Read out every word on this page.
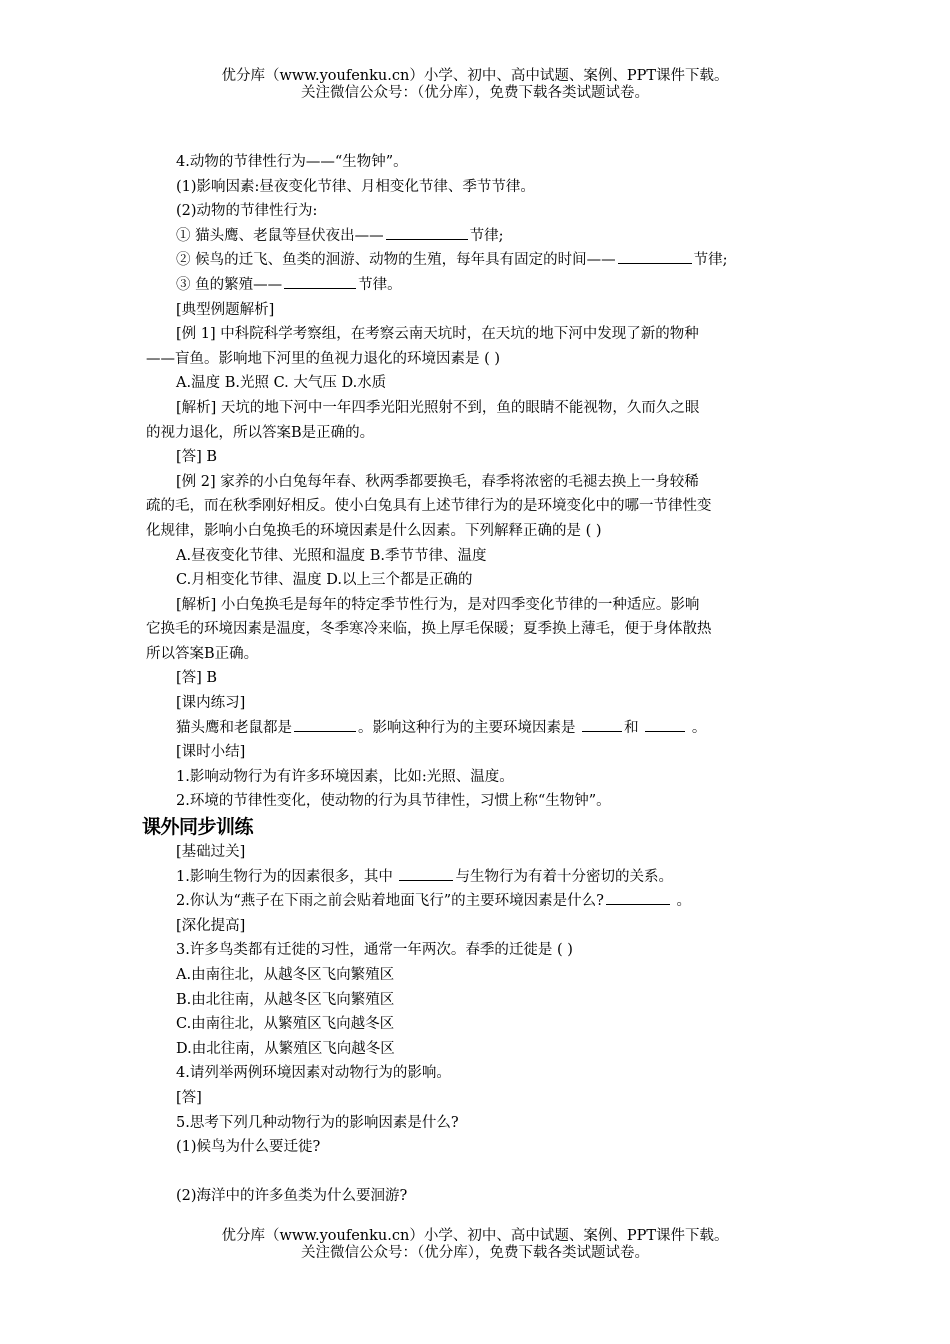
优分库（www.youfenku.cn）小学、初中、高中试题、案例、PPT课件下载。
关注微信公众号：（优分库），免费下载各类试题试卷。
4.动物的节律性行为——“生物钟”。
(1)影响因素:昼夜变化节律、月相变化节律、季节节律。
(2)动物的节律性行为:
① 猫头鹰、老鼠等昼伏夜出——	节律;
② 候鸟的迁飞、鱼类的洄游、动物的生殖，每年具有固定的时间——	节律;
③ 鱼的繁殖——	节律。
[典型例题解析]
[例 1] 中科院科学考察组，在考察云南天坑时，在天坑的地下河中发现了新的物种
——盲鱼。影响地下河里的鱼视力退化的环境因素是 ( )
A.温度 B.光照 C. 大气压 D.水质
[解析] 天坑的地下河中一年四季光阳光照射不到，鱼的眼睛不能视物，久而久之眼
的视力退化，所以答案B是正确的。
[答] B
[例 2] 家养的小白兔每年春、秋两季都要换毛，春季将浓密的毛褪去换上一身较稀
疏的毛，而在秋季刚好相反。使小白兔具有上述节律行为的是环境变化中的哪一节律性变
化规律，影响小白兔换毛的环境因素是什么因素。下列解释正确的是 ( )
A.昼夜变化节律、光照和温度 B.季节节律、温度
C.月相变化节律、温度 D.以上三个都是正确的
[解析] 小白兔换毛是每年的特定季节性行为，是对四季变化节律的一种适应。影响
它换毛的环境因素是温度，冬季寒冷来临，换上厚毛保暖；夏季换上薄毛，便于身体散热
所以答案B正确。
[答] B
[课内练习]
猫头鹰和老鼠都是	。影响这种行为的主要环境因素是	和	。
[课时小结]
1.影响动物行为有许多环境因素，比如:光照、温度。
2.环境的节律性变化，使动物的行为具节律性，习惯上称“生物钟”。
课外同步训练
[基础过关]
1.影响生物行为的因素很多，其中	与生物行为有着十分密切的关系。
2.你认为“燕子在下雨之前会贴着地面飞行”的主要环境因素是什么?	。
[深化提高]
3.许多鸟类都有迁徙的习性，通常一年两次。春季的迁徙是 ( )
A.由南往北，从越冬区飞向繁殖区
B.由北往南，从越冬区飞向繁殖区
C.由南往北，从繁殖区飞向越冬区
D.由北往南，从繁殖区飞向越冬区
4.请列举两例环境因素对动物行为的影响。
[答]
5.思考下列几种动物行为的影响因素是什么?
(1)候鸟为什么要迁徙?
(2)海洋中的许多鱼类为什么要洄游?
优分库（www.youfenku.cn）小学、初中、高中试题、案例、PPT课件下载。
关注微信公众号：（优分库），免费下载各类试题试卷。
